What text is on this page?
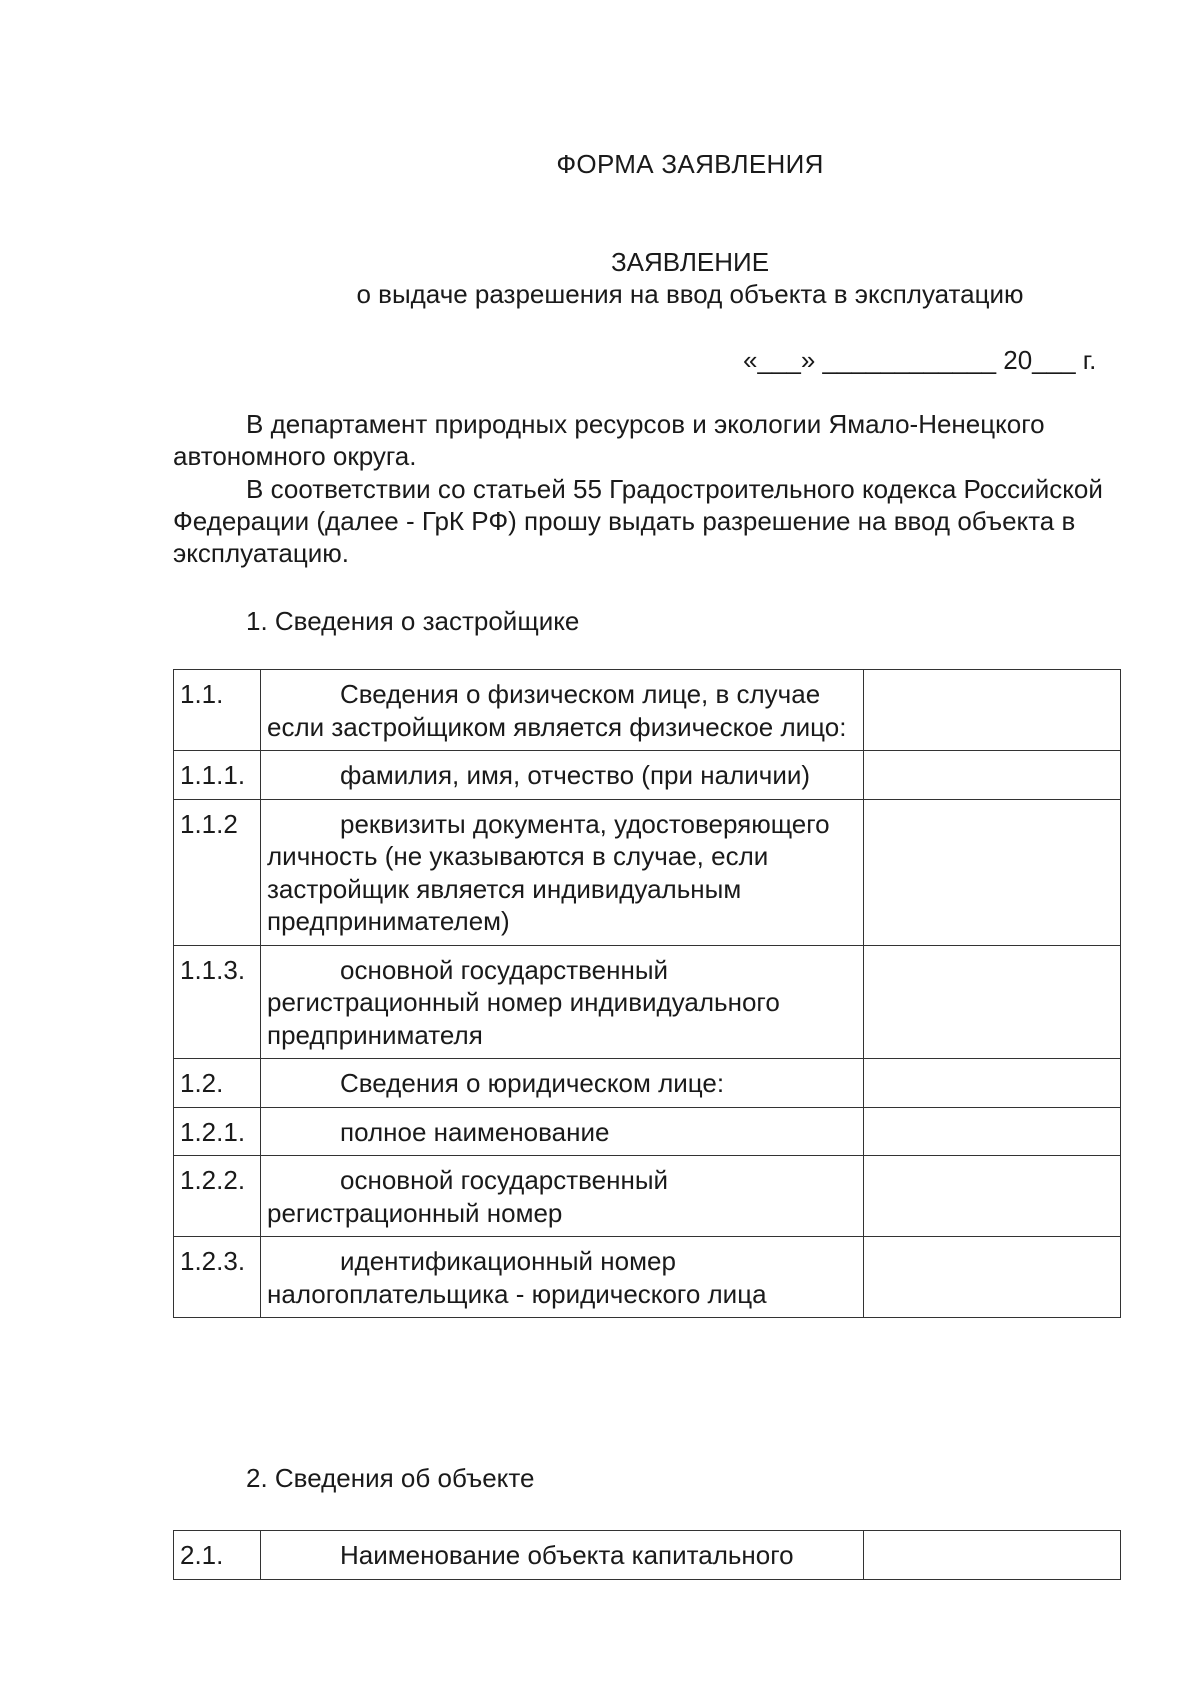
ФОРМА ЗАЯВЛЕНИЯ
ЗАЯВЛЕНИЕ
о выдаче разрешения на ввод объекта в эксплуатацию
«___» ____________ 20___ г.
В департамент природных ресурсов и экологии Ямало-Ненецкого автономного округа.
В соответствии со статьей 55 Градостроительного кодекса Российской Федерации (далее - ГрК РФ) прошу выдать разрешение на ввод объекта в эксплуатацию.
1. Сведения о застройщике
1.1.	Сведения о физическом лице, в случае если застройщиком является физическое лицо:	
1.1.1.	фамилия, имя, отчество (при наличии)	
1.1.2	реквизиты документа, удостоверяющего личность (не указываются в случае, если застройщик является индивидуальным предпринимателем)	
1.1.3.	основной государственный регистрационный номер индивидуального предпринимателя	
1.2.	Сведения о юридическом лице:	
1.2.1.	полное наименование	
1.2.2.	основной государственный регистрационный номер	
1.2.3.	идентификационный номер налогоплательщика - юридического лица	
2. Сведения об объекте
2.1.	Наименование объекта капитального	
